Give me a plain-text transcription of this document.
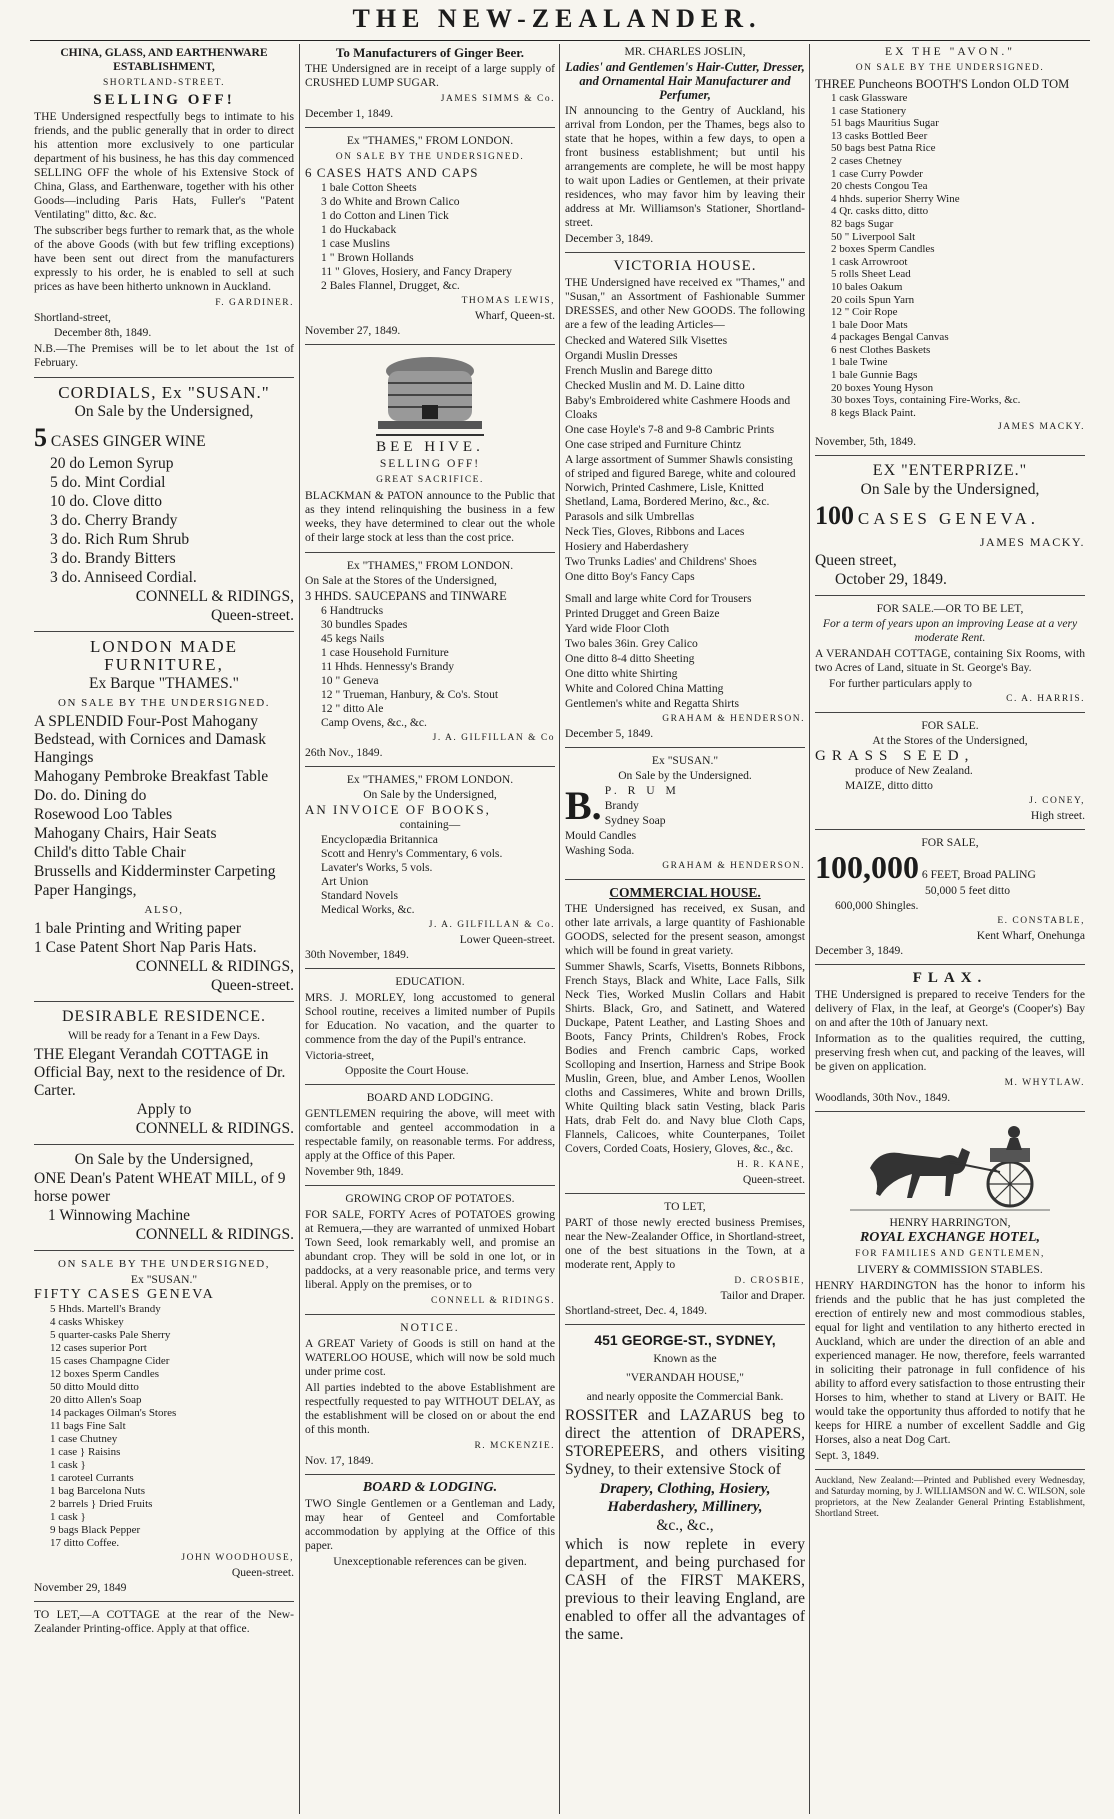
THE NEW-ZEALANDER.

CHINA, GLASS, AND EARTHENWARE ESTABLISHMENT,

SHORTLAND-STREET.

SELLING OFF!

THE Undersigned respectfully begs to intimate to his friends, and the public generally that in order to direct his attention more exclusively to one particular department of his business, he has this day commenced SELLING OFF the whole of his Extensive Stock of China, Glass, and Earthenware, together with his other Goods—including Paris Hats, Fuller's "Patent Ventilating" ditto, &c. &c.

The subscriber begs further to remark that, as the whole of the above Goods (with but few trifling exceptions) have been sent out direct from the manufacturers expressly to his order, he is enabled to sell at such prices as have been hitherto unknown in Auckland.

F. GARDINER.

Shortland-street,

December 8th, 1849.

N.B.—The Premises will be to let about the 1st of February.

CORDIALS, Ex "SUSAN."

On Sale by the Undersigned,

5 CASES GINGER WINE

20 do Lemon Syrup

5 do. Mint Cordial

10 do. Clove ditto

3 do. Cherry Brandy

3 do. Rich Rum Shrub

3 do. Brandy Bitters

3 do. Anniseed Cordial.

CONNELL & RIDINGS,

Queen-street.

LONDON MADE FURNITURE,

Ex Barque "THAMES."

ON SALE BY THE UNDERSIGNED.

A SPLENDID Four-Post Mahogany Bedstead, with Cornices and Damask Hangings

Mahogany Pembroke Breakfast Table

Do. do. Dining do

Rosewood Loo Tables

Mahogany Chairs, Hair Seats

Child's ditto Table Chair

Brussells and Kidderminster Carpeting

Paper Hangings,

ALSO,

1 bale Printing and Writing paper

1 Case Patent Short Nap Paris Hats.

CONNELL & RIDINGS,

Queen-street.

DESIRABLE RESIDENCE.

Will be ready for a Tenant in a Few Days.

THE Elegant Verandah COTTAGE in Official Bay, next to the residence of Dr. Carter.

Apply to

CONNELL & RIDINGS.

On Sale by the Undersigned,

ONE Dean's Patent WHEAT MILL, of 9 horse power

1 Winnowing Machine

CONNELL & RIDINGS.

ON SALE BY THE UNDERSIGNED,

Ex "SUSAN."

FIFTY CASES GENEVA

5 Hhds. Martell's Brandy

4 casks Whiskey

5 quarter-casks Pale Sherry

12 cases superior Port

15 cases Champagne Cider

12 boxes Sperm Candles

50 ditto Mould ditto

20 ditto Allen's Soap

14 packages Oilman's Stores

11 bags Fine Salt

1 case Chutney

1 case } Raisins

1 cask }

1 caroteel Currants

1 bag Barcelona Nuts

2 barrels } Dried Fruits

1 cask }

9 bags Black Pepper

17 ditto Coffee.

JOHN WOODHOUSE,

Queen-street.

November 29, 1849

TO LET,—A COTTAGE at the rear of the New-Zealander Printing-office. Apply at that office.

To Manufacturers of Ginger Beer.

THE Undersigned are in receipt of a large supply of CRUSHED LUMP SUGAR.

JAMES SIMMS & Co.

December 1, 1849.

Ex "THAMES," FROM LONDON.

ON SALE BY THE UNDERSIGNED.

6 CASES HATS AND CAPS

1 bale Cotton Sheets

3 do White and Brown Calico

1 do Cotton and Linen Tick

1 do Huckaback

1 case Muslins

1 " Brown Hollands

11 " Gloves, Hosiery, and Fancy Drapery

2 Bales Flannel, Drugget, &c.

THOMAS LEWIS,

Wharf, Queen-st.

November 27, 1849.

BEE HIVE.

SELLING OFF!

GREAT SACRIFICE.

BLACKMAN & PATON announce to the Public that as they intend relinquishing the business in a few weeks, they have determined to clear out the whole of their large stock at less than the cost price.

Ex "THAMES," FROM LONDON.

On Sale at the Stores of the Undersigned,

3 HHDS. SAUCEPANS and TINWARE

6 Handtrucks

30 bundles Spades

45 kegs Nails

1 case Household Furniture

11 Hhds. Hennessy's Brandy

10 " Geneva

12 " Trueman, Hanbury, & Co's. Stout

12 " ditto Ale

Camp Ovens, &c., &c.

J. A. GILFILLAN & Co

26th Nov., 1849.

Ex "THAMES," FROM LONDON.

On Sale by the Undersigned,

AN INVOICE OF BOOKS,

containing—

Encyclopædia Britannica

Scott and Henry's Commentary, 6 vols.

Lavater's Works, 5 vols.

Art Union

Standard Novels

Medical Works, &c.

J. A. GILFILLAN & Co.

Lower Queen-street.

30th November, 1849.

EDUCATION.

MRS. J. MORLEY, long accustomed to general School routine, receives a limited number of Pupils for Education. No vacation, and the quarter to commence from the day of the Pupil's entrance.

Victoria-street,

Opposite the Court House.

BOARD AND LODGING.

GENTLEMEN requiring the above, will meet with comfortable and genteel accommodation in a respectable family, on reasonable terms. For address, apply at the Office of this Paper.

November 9th, 1849.

GROWING CROP OF POTATOES.

FOR SALE, FORTY Acres of POTATOES growing at Remuera,—they are warranted of unmixed Hobart Town Seed, look remarkably well, and promise an abundant crop. They will be sold in one lot, or in paddocks, at a very reasonable price, and terms very liberal. Apply on the premises, or to

CONNELL & RIDINGS.

NOTICE.

A GREAT Variety of Goods is still on hand at the WATERLOO HOUSE, which will now be sold much under prime cost.

All parties indebted to the above Establishment are respectfully requested to pay WITHOUT DELAY, as the establishment will be closed on or about the end of this month.

R. MCKENZIE.

Nov. 17, 1849.

BOARD & LODGING.

TWO Single Gentlemen or a Gentleman and Lady, may hear of Genteel and Comfortable accommodation by applying at the Office of this paper.

Unexceptionable references can be given.

MR. CHARLES JOSLIN,

Ladies' and Gentlemen's Hair-Cutter, Dresser, and Ornamental Hair Manufacturer and Perfumer,

IN announcing to the Gentry of Auckland, his arrival from London, per the Thames, begs also to state that he hopes, within a few days, to open a front business establishment; but until his arrangements are complete, he will be most happy to wait upon Ladies or Gentlemen, at their private residences, who may favor him by leaving their address at Mr. Williamson's Stationer, Shortland-street.

December 3, 1849.

VICTORIA HOUSE.

THE Undersigned have received ex "Thames," and "Susan," an Assortment of Fashionable Summer DRESSES, and other New GOODS. The following are a few of the leading Articles—

Checked and Watered Silk Visettes

Organdi Muslin Dresses

French Muslin and Barege ditto

Checked Muslin and M. D. Laine ditto

Baby's Embroidered white Cashmere Hoods and Cloaks

One case Hoyle's 7-8 and 9-8 Cambric Prints

One case striped and Furniture Chintz

A large assortment of Summer Shawls consisting of striped and figured Barege, white and coloured Norwich, Printed Cashmere, Lisle, Knitted Shetland, Lama, Bordered Merino, &c., &c.

Parasols and silk Umbrellas

Neck Ties, Gloves, Ribbons and Laces

Hosiery and Haberdashery

Two Trunks Ladies' and Childrens' Shoes

One ditto Boy's Fancy Caps

Small and large white Cord for Trousers

Printed Drugget and Green Baize

Yard wide Floor Cloth

Two bales 36in. Grey Calico

One ditto 8-4 ditto Sheeting

One ditto white Shirting

White and Colored China Matting

Gentlemen's white and Regatta Shirts

GRAHAM & HENDERSON.

December 5, 1849.

Ex "SUSAN."

On Sale by the Undersigned.

B. P. R U M

Brandy

Sydney Soap

Mould Candles

Washing Soda.

GRAHAM & HENDERSON.

COMMERCIAL HOUSE.

THE Undersigned has received, ex Susan, and other late arrivals, a large quantity of Fashionable GOODS, selected for the present season, amongst which will be found in great variety.

Summer Shawls, Scarfs, Visetts, Bonnets Ribbons, French Stays, Black and White, Lace Falls, Silk Neck Ties, Worked Muslin Collars and Habit Shirts. Black, Gro, and Satinett, and Watered Duckape, Patent Leather, and Lasting Shoes and Boots, Fancy Prints, Children's Robes, Frock Bodies and French cambric Caps, worked Scolloping and Insertion, Harness and Stripe Book Muslin, Green, blue, and Amber Lenos, Woollen cloths and Cassimeres, White and brown Drills, White Quilting black satin Vesting, black Paris Hats, drab Felt do. and Navy blue Cloth Caps, Flannels, Calicoes, white Counterpanes, Toilet Covers, Corded Coats, Hosiery, Gloves, &c., &c.

H. R. KANE,

Queen-street.

TO LET,

PART of those newly erected business Premises, near the New-Zealander Office, in Shortland-street, one of the best situations in the Town, at a moderate rent, Apply to

D. CROSBIE,

Tailor and Draper.

Shortland-street, Dec. 4, 1849.

451 GEORGE-ST., SYDNEY,

Known as the

"VERANDAH HOUSE,"

and nearly opposite the Commercial Bank.

ROSSITER and LAZARUS beg to direct the attention of DRAPERS, STOREPEERS, and others visiting Sydney, to their extensive Stock of

Drapery, Clothing, Hosiery, Haberdashery, Millinery,

&c., &c.,

which is now replete in every department, and being purchased for CASH of the FIRST MAKERS, previous to their leaving England, are enabled to offer all the advantages of the same.

EX THE "AVON."

ON SALE BY THE UNDERSIGNED.

THREE Puncheons BOOTH'S London OLD TOM

1 cask Glassware

1 case Stationery

51 bags Mauritius Sugar

13 casks Bottled Beer

50 bags best Patna Rice

2 cases Chetney

1 case Curry Powder

20 chests Congou Tea

4 hhds. superior Sherry Wine

4 Qr. casks ditto, ditto

82 bags Sugar

50 " Liverpool Salt

2 boxes Sperm Candles

1 cask Arrowroot

5 rolls Sheet Lead

10 bales Oakum

20 coils Spun Yarn

12 " Coir Rope

1 bale Door Mats

4 packages Bengal Canvas

6 nest Clothes Baskets

1 bale Twine

1 bale Gunnie Bags

20 boxes Young Hyson

30 boxes Toys, containing Fire-Works, &c.

8 kegs Black Paint.

JAMES MACKY.

November, 5th, 1849.

EX "ENTERPRIZE."

On Sale by the Undersigned,

100 CASES GENEVA.

JAMES MACKY.

Queen street,

October 29, 1849.

FOR SALE.—OR TO BE LET,

For a term of years upon an improving Lease at a very moderate Rent.

A VERANDAH COTTAGE, containing Six Rooms, with two Acres of Land, situate in St. George's Bay.

For further particulars apply to

C. A. HARRIS.

FOR SALE.

At the Stores of the Undersigned,

GRASS SEED,

produce of New Zealand.

MAIZE, ditto ditto

J. CONEY,

High street.

FOR SALE,

100,000 6 FEET, Broad PALING

50,000 5 feet ditto

600,000 Shingles.

E. CONSTABLE,

Kent Wharf, Onehunga

December 3, 1849.

FLAX.

THE Undersigned is prepared to receive Tenders for the delivery of Flax, in the leaf, at George's (Cooper's) Bay on and after the 10th of January next.

Information as to the qualities required, the cutting, preserving fresh when cut, and packing of the leaves, will be given on application.

M. WHYTLAW.

Woodlands, 30th Nov., 1849.

HENRY HARRINGTON,

ROYAL EXCHANGE HOTEL,

FOR FAMILIES AND GENTLEMEN,

LIVERY & COMMISSION STABLES.

HENRY HARDINGTON has the honor to inform his friends and the public that he has just completed the erection of entirely new and most commodious stables, equal for light and ventilation to any hitherto erected in Auckland, which are under the direction of an able and experienced manager. He now, therefore, feels warranted in soliciting their patronage in full confidence of his ability to afford every satisfaction to those entrusting their Horses to him, whether to stand at Livery or BAIT. He would take the opportunity thus afforded to notify that he keeps for HIRE a number of excellent Saddle and Gig Horses, also a neat Dog Cart.

Sept. 3, 1849.

Auckland, New Zealand:—Printed and Published every Wednesday, and Saturday morning, by J. WILLIAMSON and W. C. WILSON, sole proprietors, at the New Zealander General Printing Establishment, Shortland Street.
